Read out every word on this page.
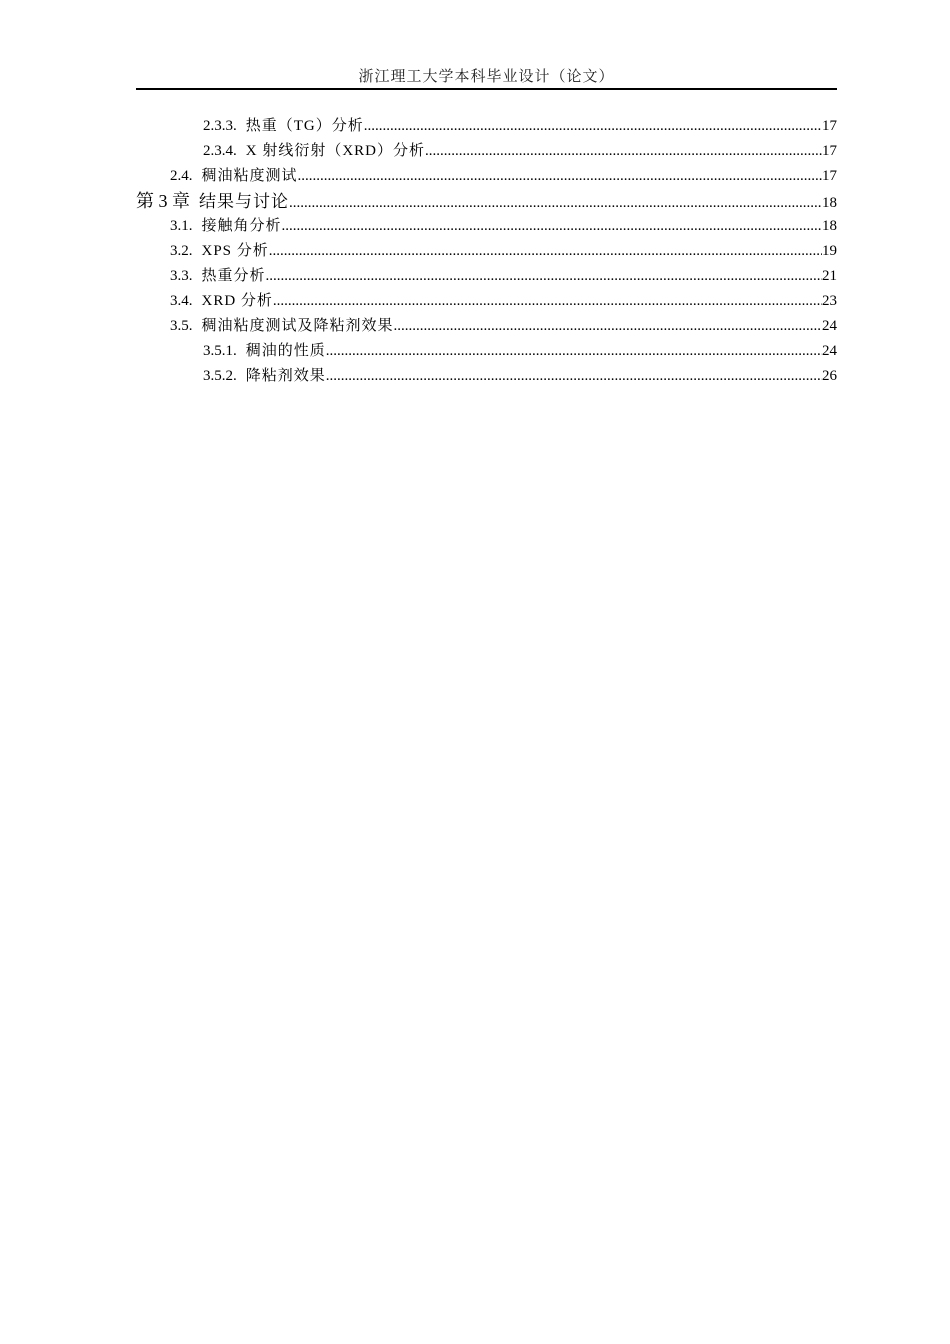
浙江理工大学本科毕业设计（论文）
2.3.3. 热重（TG）分析 .....	17
2.3.4. X 射线衍射（XRD）分析 .....	17
2.4. 稠油粘度测试 .....	17
第 3 章 结果与讨论 .....	18
3.1. 接触角分析 .....	18
3.2. XPS 分析 .....	19
3.3. 热重分析 .....	21
3.4. XRD 分析 .....	23
3.5. 稠油粘度测试及降粘剂效果 .....	24
3.5.1. 稠油的性质 .....	24
3.5.2. 降粘剂效果 .....	26
